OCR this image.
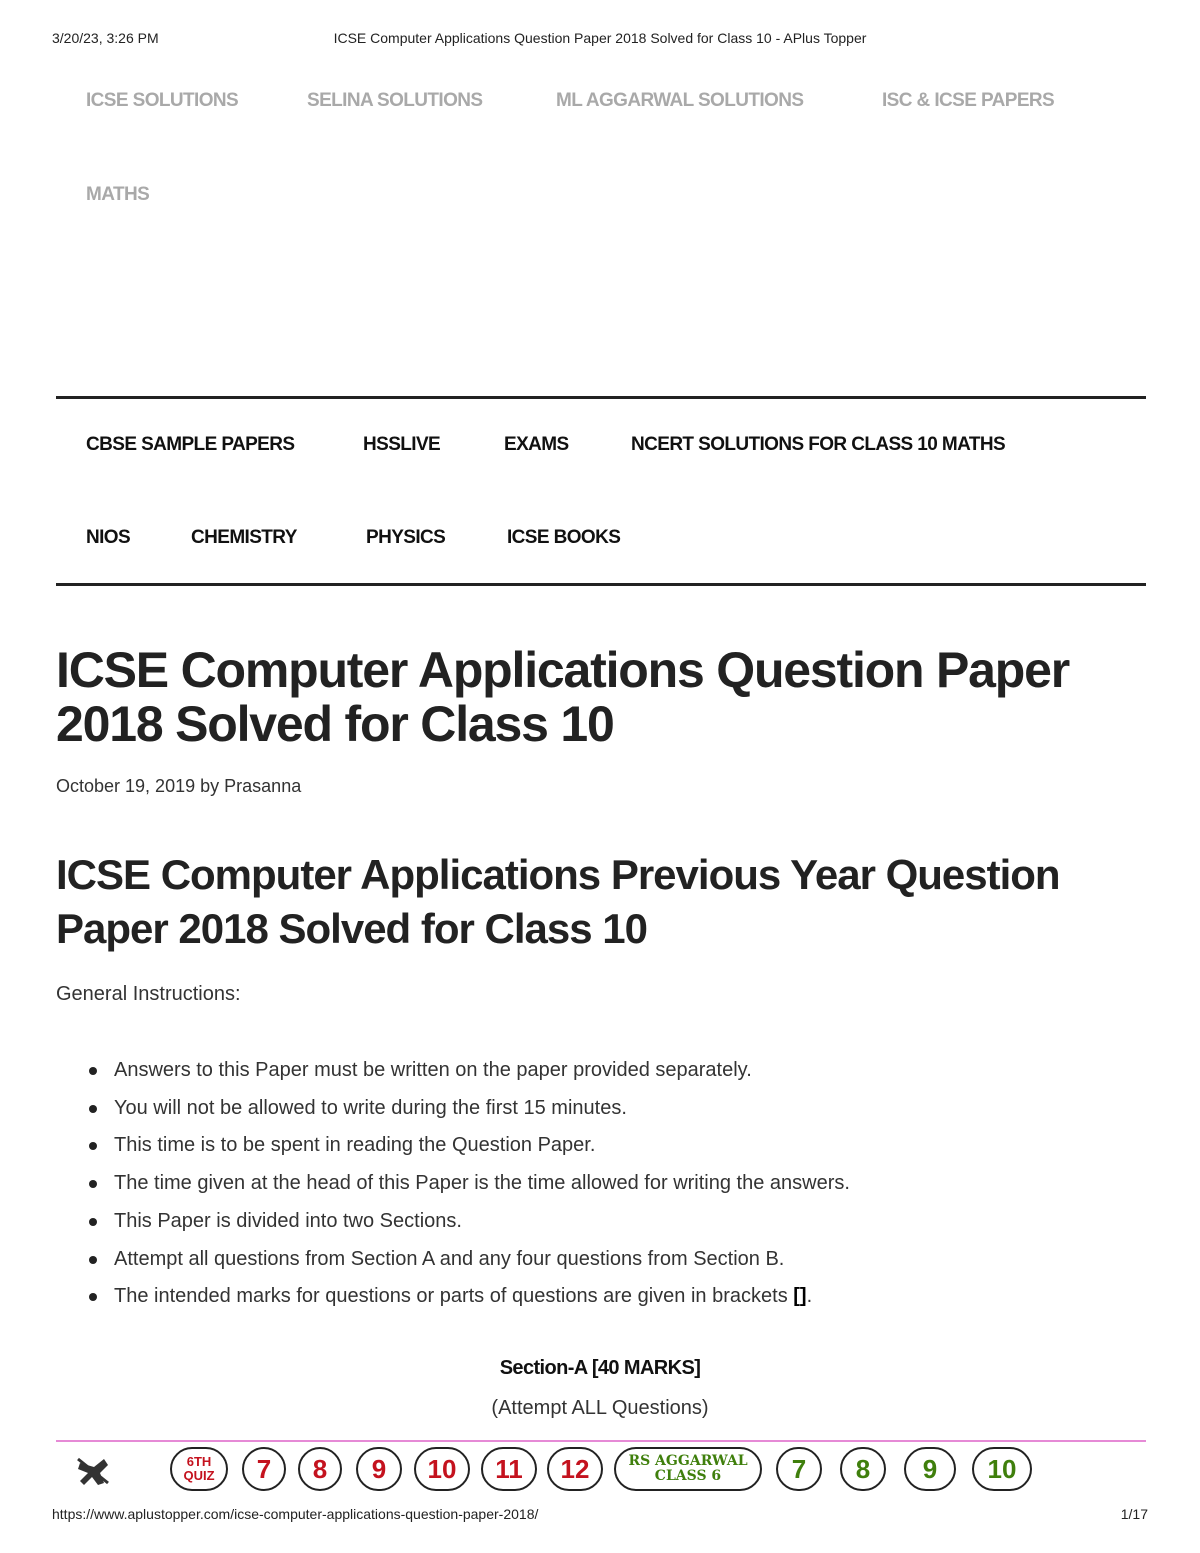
3/20/23, 3:26 PM	ICSE Computer Applications Question Paper 2018 Solved for Class 10 - APlus Topper
ICSE SOLUTIONS	SELINA SOLUTIONS	ML AGGARWAL SOLUTIONS	ISC & ICSE PAPERS
MATHS
CBSE SAMPLE PAPERS	HSSLIVE	EXAMS	NCERT SOLUTIONS FOR CLASS 10 MATHS
NIOS	CHEMISTRY	PHYSICS	ICSE BOOKS
ICSE Computer Applications Question Paper 2018 Solved for Class 10
October 19, 2019 by Prasanna
ICSE Computer Applications Previous Year Question Paper 2018 Solved for Class 10
General Instructions:
Answers to this Paper must be written on the paper provided separately.
You will not be allowed to write during the first 15 minutes.
This time is to be spent in reading the Question Paper.
The time given at the head of this Paper is the time allowed for writing the answers.
This Paper is divided into two Sections.
Attempt all questions from Section A and any four questions from Section B.
The intended marks for questions or parts of questions are given in brackets [].
Section-A [40 MARKS]
(Attempt ALL Questions)
6TH
QUIZ 7 8 9 10 11 12	RS AGGARWAL
CLASS 6	7 8 9 10
https://www.aplustopper.com/icse-computer-applications-question-paper-2018/	1/17
